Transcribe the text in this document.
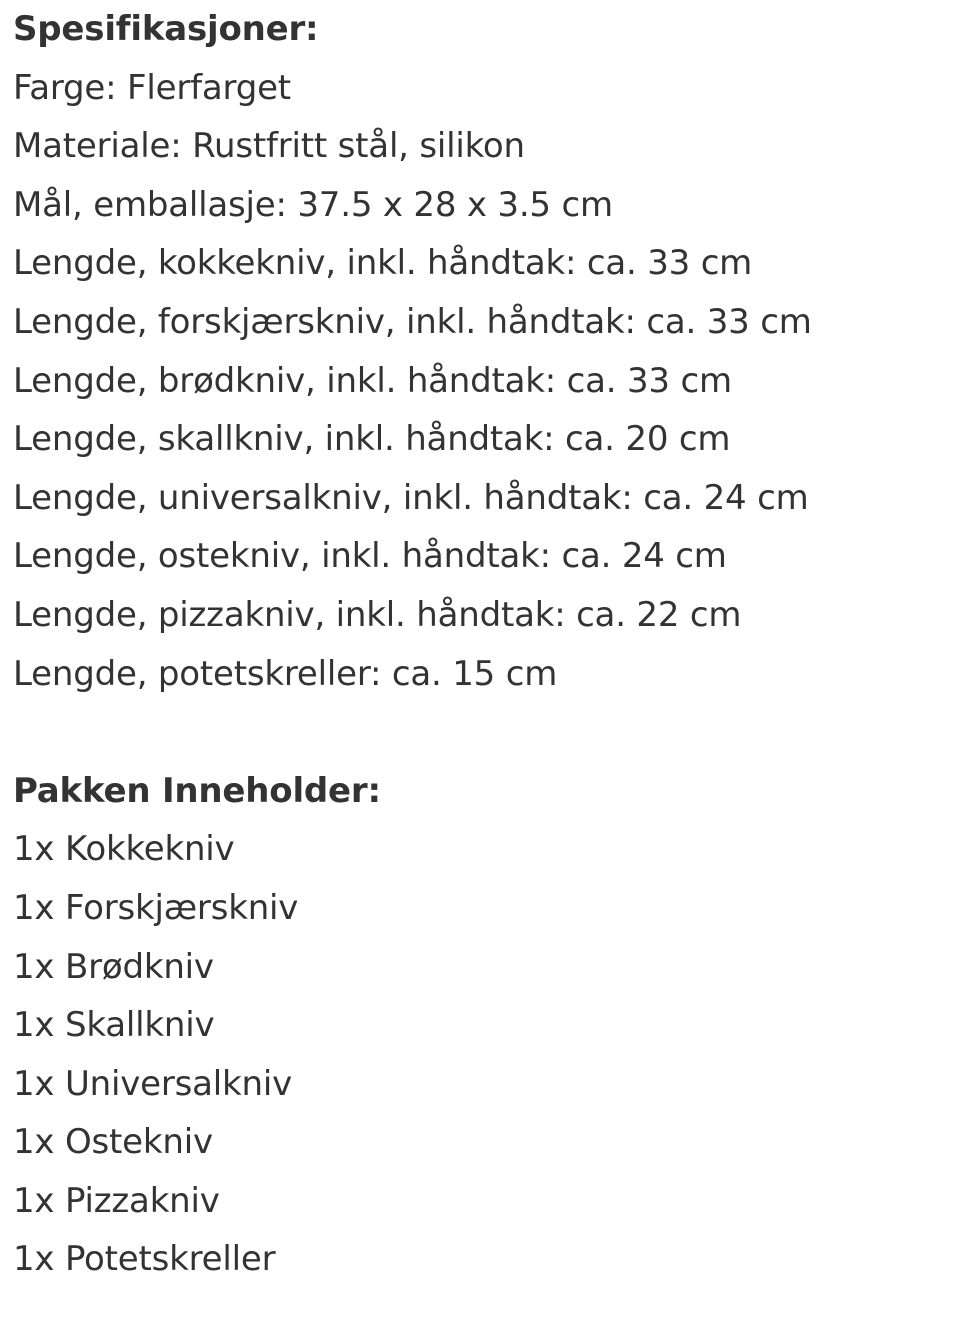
Spesifikasjoner:
Farge: Flerfarget
Materiale: Rustfritt stål, silikon
Mål, emballasje: 37.5 x 28 x 3.5 cm
Lengde, kokkekniv, inkl. håndtak: ca. 33 cm
Lengde, forskjærskniv, inkl. håndtak: ca. 33 cm
Lengde, brødkniv, inkl. håndtak: ca. 33 cm
Lengde, skallkniv, inkl. håndtak: ca. 20 cm
Lengde, universalkniv, inkl. håndtak: ca. 24 cm
Lengde, ostekniv, inkl. håndtak: ca. 24 cm
Lengde, pizzakniv, inkl. håndtak: ca. 22 cm
Lengde, potetskreller: ca. 15 cm
Pakken Inneholder:
1x Kokkekniv
1x Forskjærskniv
1x Brødkniv
1x Skallkniv
1x Universalkniv
1x Ostekniv
1x Pizzakniv
1x Potetskreller
